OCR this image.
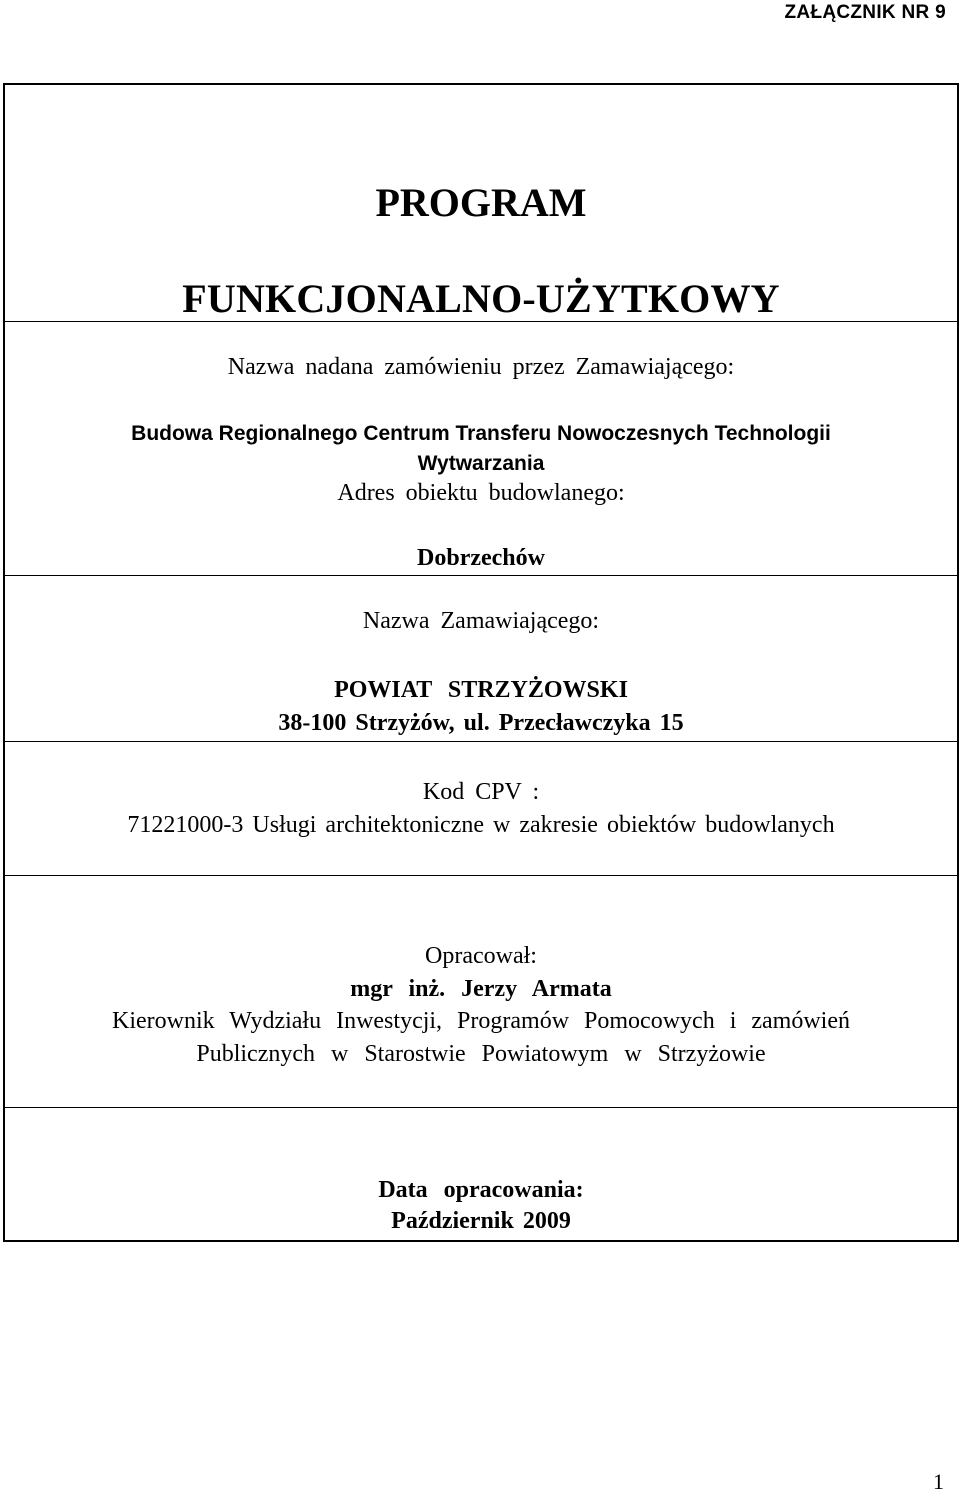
ZAŁĄCZNIK NR 9
PROGRAM
FUNKCJONALNO-UŻYTKOWY
Nazwa nadana zamówieniu przez Zamawiającego:
Budowa Regionalnego Centrum Transferu Nowoczesnych Technologii
Wytwarzania
Adres obiektu budowlanego:
Dobrzechów
Nazwa Zamawiającego:
POWIAT STRZYŻOWSKI
38-100 Strzyżów, ul. Przecławczyka 15
Kod CPV :
71221000-3 Usługi architektoniczne w zakresie obiektów budowlanych
Opracował:
mgr inż. Jerzy Armata
Kierownik Wydziału Inwestycji, Programów Pomocowych i zamówień
Publicznych w Starostwie Powiatowym w Strzyżowie
Data opracowania:
Październik 2009
1
